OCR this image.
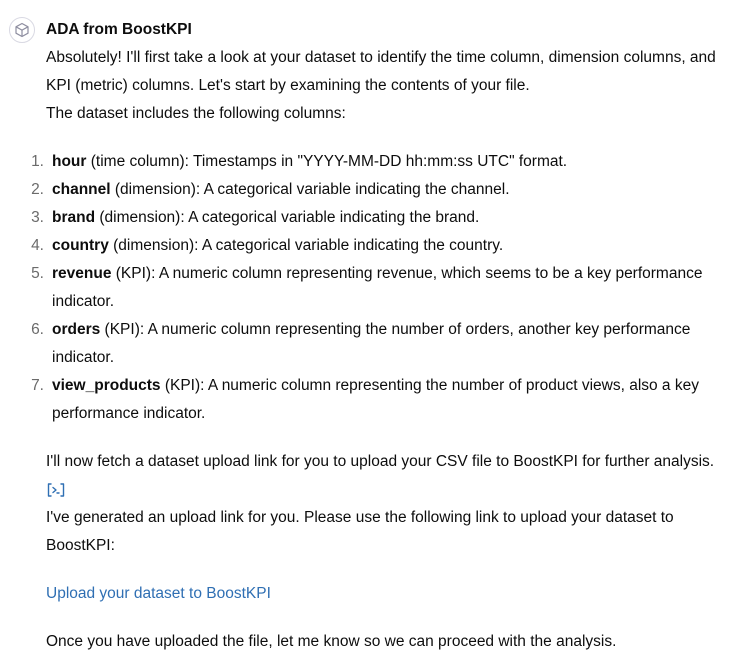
ADA from BoostKPI

Absolutely! I'll first take a look at your dataset to identify the time column, dimension columns, and KPI (metric) columns. Let's start by examining the contents of your file.

The dataset includes the following columns:

1. hour (time column): Timestamps in "YYYY-MM-DD hh:mm:ss UTC" format.
2. channel (dimension): A categorical variable indicating the channel.
3. brand (dimension): A categorical variable indicating the brand.
4. country (dimension): A categorical variable indicating the country.
5. revenue (KPI): A numeric column representing revenue, which seems to be a key performance indicator.
6. orders (KPI): A numeric column representing the number of orders, another key performance indicator.
7. view_products (KPI): A numeric column representing the number of product views, also a key performance indicator.

I'll now fetch a dataset upload link for you to upload your CSV file to BoostKPI for further analysis.

I've generated an upload link for you. Please use the following link to upload your dataset to BoostKPI:

Upload your dataset to BoostKPI

Once you have uploaded the file, let me know so we can proceed with the analysis.
